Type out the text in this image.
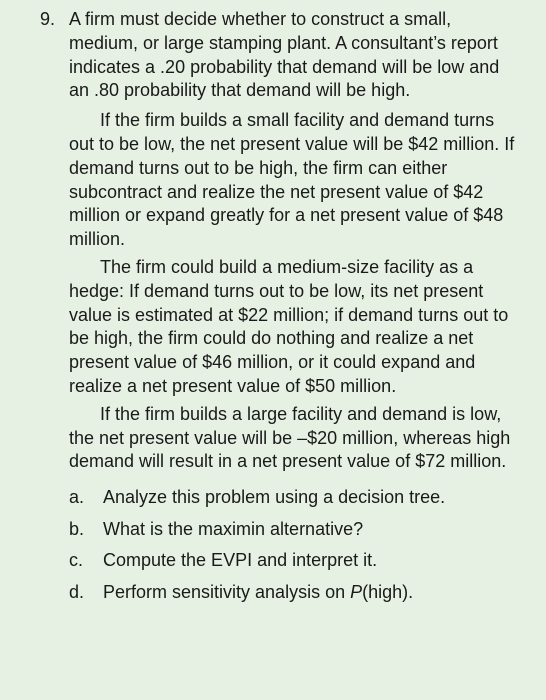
9. A firm must decide whether to construct a small, medium, or large stamping plant. A consultant’s report indicates a .20 probability that demand will be low and an .80 probability that demand will be high.

If the firm builds a small facility and demand turns out to be low, the net present value will be $42 million. If demand turns out to be high, the firm can either subcontract and realize the net present value of $42 million or expand greatly for a net present value of $48 million.

The firm could build a medium-size facility as a hedge: If demand turns out to be low, its net present value is estimated at $22 million; if demand turns out to be high, the firm could do nothing and realize a net present value of $46 million, or it could expand and realize a net present value of $50 million.

If the firm builds a large facility and demand is low, the net present value will be –$20 million, whereas high demand will result in a net present value of $72 million.

a.	Analyze this problem using a decision tree.
b.	What is the maximin alternative?
c.	Compute the EVPI and interpret it.
d.	Perform sensitivity analysis on P(high).
